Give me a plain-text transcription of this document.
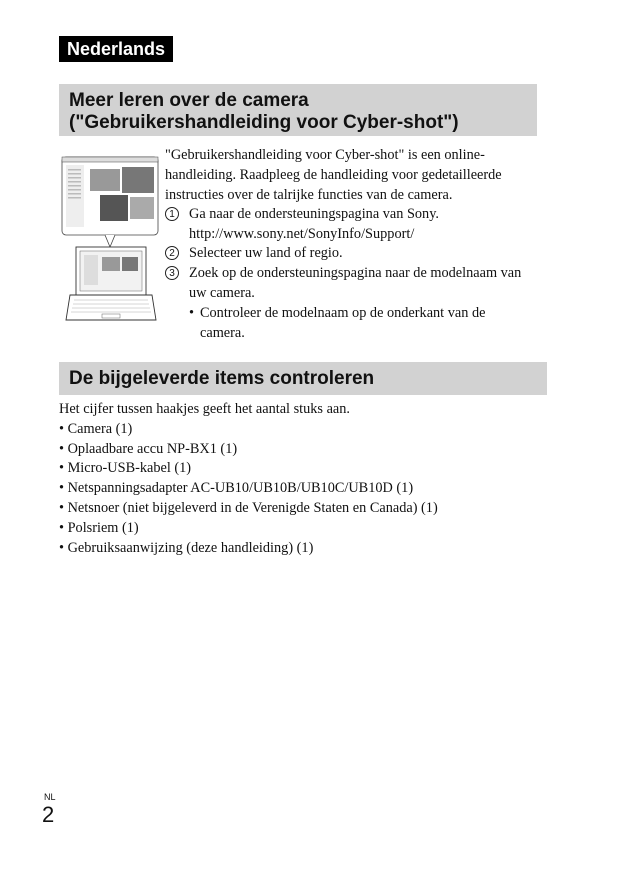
Nederlands
Meer leren over de camera
("Gebruikershandleiding voor Cyber-shot")
"Gebruikershandleiding voor Cyber-shot" is een online-
handleiding. Raadpleeg de handleiding voor gedetailleerde
instructies over de talrijke functies van de camera.
1 Ga naar de ondersteuningspagina van Sony.
http://www.sony.net/SonyInfo/Support/
2 Selecteer uw land of regio.
3 Zoek op de ondersteuningspagina naar de modelnaam van
uw camera.
• Controleer de modelnaam op de onderkant van de
camera.
De bijgeleverde items controleren
Het cijfer tussen haakjes geeft het aantal stuks aan.
• Camera (1)
• Oplaadbare accu NP-BX1 (1)
• Micro-USB-kabel (1)
• Netspanningsadapter AC-UB10/UB10B/UB10C/UB10D (1)
• Netsnoer (niet bijgeleverd in de Verenigde Staten en Canada) (1)
• Polsriem (1)
• Gebruiksaanwijzing (deze handleiding) (1)
NL
2
